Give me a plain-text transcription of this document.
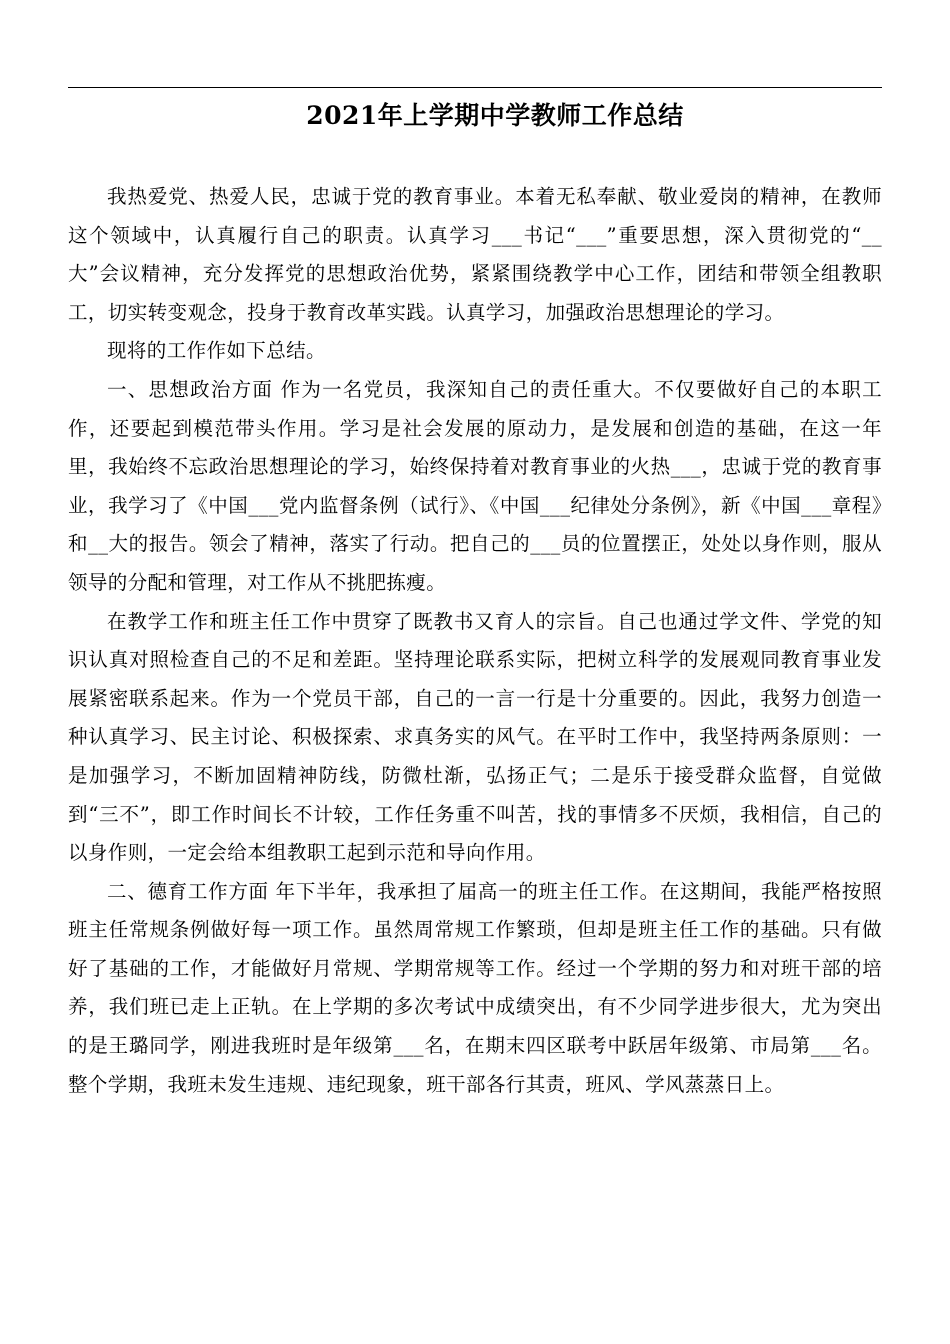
2021年上学期中学教师工作总结

我热爱党、热爱人民，忠诚于党的教育事业。本着无私奉献、敬业爱岗的精神，在教师这个领域中，认真履行自己的职责。认真学习___书记“___”重要思想，深入贯彻党的“__大”会议精神，充分发挥党的思想政治优势，紧紧围绕教学中心工作，团结和带领全组教职工，切实转变观念，投身于教育改革实践。认真学习，加强政治思想理论的学习。

现将的工作作如下总结。

一、思想政治方面 作为一名党员，我深知自己的责任重大。不仅要做好自己的本职工作，还要起到模范带头作用。学习是社会发展的原动力，是发展和创造的基础，在这一年里，我始终不忘政治思想理论的学习，始终保持着对教育事业的火热___，忠诚于党的教育事业，我学习了《中国___党内监督条例（试行》、《中国___纪律处分条例》，新《中国___章程》和__大的报告。领会了精神，落实了行动。把自己的___员的位置摆正，处处以身作则，服从领导的分配和管理，对工作从不挑肥拣瘦。

在教学工作和班主任工作中贯穿了既教书又育人的宗旨。自己也通过学文件、学党的知识认真对照检查自己的不足和差距。坚持理论联系实际，把树立科学的发展观同教育事业发展紧密联系起来。作为一个党员干部，自己的一言一行是十分重要的。因此，我努力创造一种认真学习、民主讨论、积极探索、求真务实的风气。在平时工作中，我坚持两条原则：一是加强学习，不断加固精神防线，防微杜渐，弘扬正气；二是乐于接受群众监督，自觉做到“三不”，即工作时间长不计较，工作任务重不叫苦，找的事情多不厌烦，我相信，自己的以身作则，一定会给本组教职工起到示范和导向作用。

二、德育工作方面 年下半年，我承担了届高一的班主任工作。在这期间，我能严格按照班主任常规条例做好每一项工作。虽然周常规工作繁琐，但却是班主任工作的基础。只有做好了基础的工作，才能做好月常规、学期常规等工作。经过一个学期的努力和对班干部的培养，我们班已走上正轨。在上学期的多次考试中成绩突出，有不少同学进步很大，尤为突出的是王璐同学，刚进我班时是年级第___名，在期末四区联考中跃居年级第、市局第___名。整个学期，我班未发生违规、违纪现象，班干部各行其责，班风、学风蒸蒸日上。
